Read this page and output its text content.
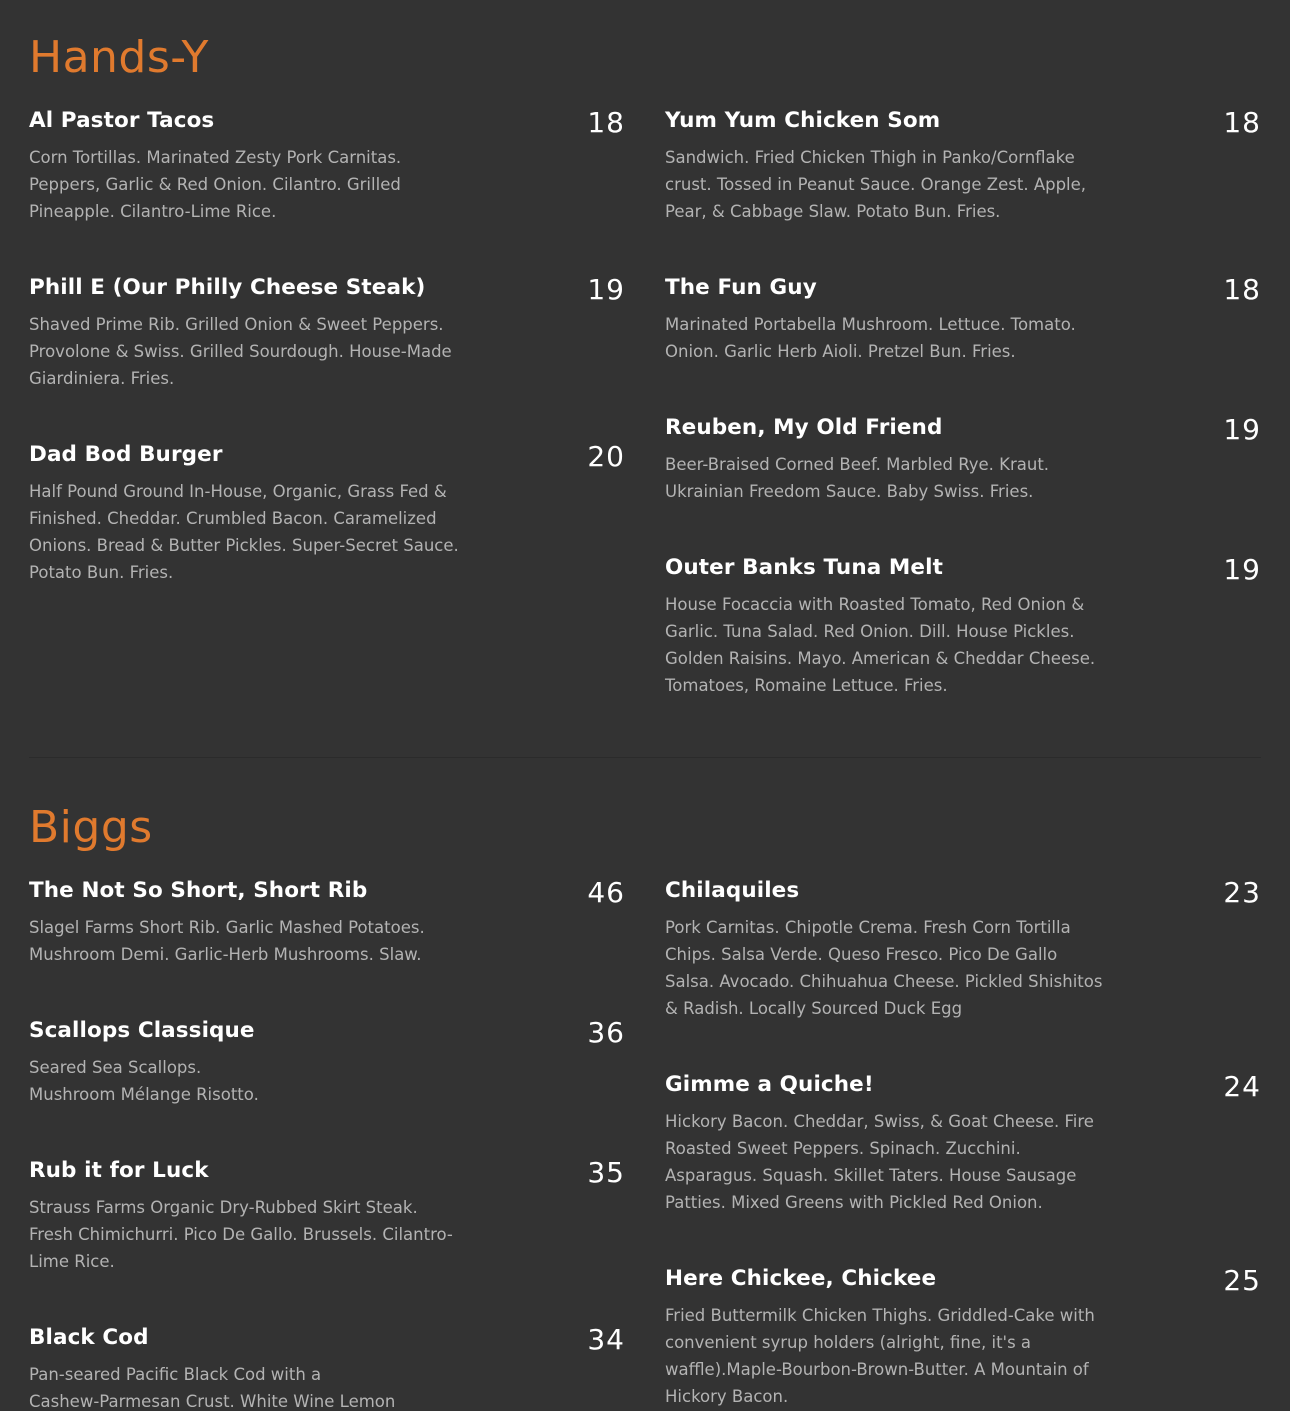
Hands-Y
Al Pastor Tacos	18
Corn Tortillas. Marinated Zesty Pork Carnitas.
Peppers, Garlic & Red Onion. Cilantro. Grilled
Pineapple. Cilantro-Lime Rice.
Phill E (Our Philly Cheese Steak)	19
Shaved Prime Rib. Grilled Onion & Sweet Peppers.
Provolone & Swiss. Grilled Sourdough. House-Made
Giardiniera. Fries.
Dad Bod Burger	20
Half Pound Ground In-House, Organic, Grass Fed &
Finished. Cheddar. Crumbled Bacon. Caramelized
Onions. Bread & Butter Pickles. Super-Secret Sauce.
Potato Bun. Fries.
Yum Yum Chicken Som	18
Sandwich. Fried Chicken Thigh in Panko/Cornflake
crust. Tossed in Peanut Sauce. Orange Zest. Apple,
Pear, & Cabbage Slaw. Potato Bun. Fries.
The Fun Guy	18
Marinated Portabella Mushroom. Lettuce. Tomato.
Onion. Garlic Herb Aioli. Pretzel Bun. Fries.
Reuben, My Old Friend	19
Beer-Braised Corned Beef. Marbled Rye. Kraut.
Ukrainian Freedom Sauce. Baby Swiss. Fries.
Outer Banks Tuna Melt	19
House Focaccia with Roasted Tomato, Red Onion &
Garlic. Tuna Salad. Red Onion. Dill. House Pickles.
Golden Raisins. Mayo. American & Cheddar Cheese.
Tomatoes, Romaine Lettuce. Fries.
Biggs
The Not So Short, Short Rib	46
Slagel Farms Short Rib. Garlic Mashed Potatoes.
Mushroom Demi. Garlic-Herb Mushrooms. Slaw.
Scallops Classique	36
Seared Sea Scallops.
Mushroom Mélange Risotto.
Rub it for Luck	35
Strauss Farms Organic Dry-Rubbed Skirt Steak.
Fresh Chimichurri. Pico De Gallo. Brussels. Cilantro-
Lime Rice.
Black Cod	34
Pan-seared Pacific Black Cod with a
Cashew-Parmesan Crust. White Wine Lemon
Chilaquiles	23
Pork Carnitas. Chipotle Crema. Fresh Corn Tortilla
Chips. Salsa Verde. Queso Fresco. Pico De Gallo
Salsa. Avocado. Chihuahua Cheese. Pickled Shishitos
& Radish. Locally Sourced Duck Egg
Gimme a Quiche!	24
Hickory Bacon. Cheddar, Swiss, & Goat Cheese. Fire
Roasted Sweet Peppers. Spinach. Zucchini.
Asparagus. Squash. Skillet Taters. House Sausage
Patties. Mixed Greens with Pickled Red Onion.
Here Chickee, Chickee	25
Fried Buttermilk Chicken Thighs. Griddled-Cake with
convenient syrup holders (alright, fine, it's a
waffle).Maple-Bourbon-Brown-Butter. A Mountain of
Hickory Bacon.
